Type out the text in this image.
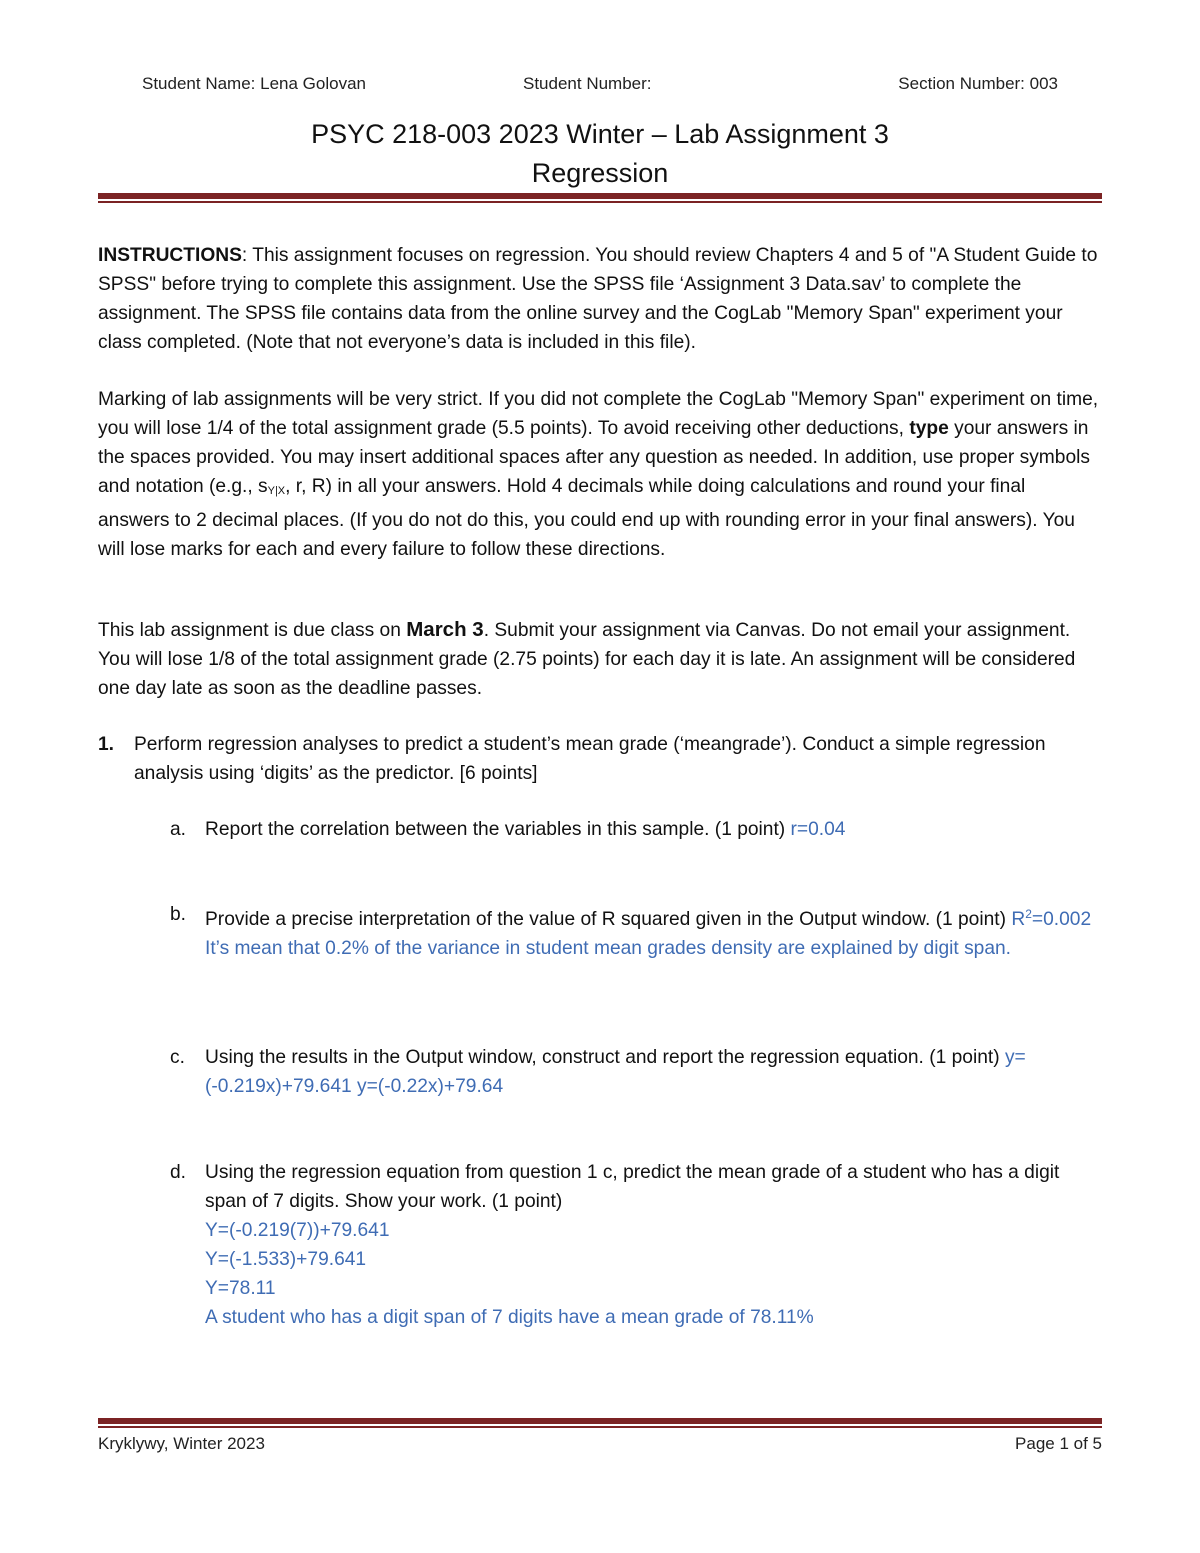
Student Name: Lena Golovan	Student Number:	Section Number: 003
PSYC 218-003 2023 Winter – Lab Assignment 3
Regression
INSTRUCTIONS: This assignment focuses on regression. You should review Chapters 4 and 5 of "A Student Guide to SPSS" before trying to complete this assignment. Use the SPSS file ‘Assignment 3 Data.sav’ to complete the assignment. The SPSS file contains data from the online survey and the CogLab "Memory Span" experiment your class completed. (Note that not everyone’s data is included in this file).
Marking of lab assignments will be very strict. If you did not complete the CogLab "Memory Span" experiment on time, you will lose 1/4 of the total assignment grade (5.5 points). To avoid receiving other deductions, type your answers in the spaces provided. You may insert additional spaces after any question as needed. In addition, use proper symbols and notation (e.g., sY|X, r, R) in all your answers. Hold 4 decimals while doing calculations and round your final answers to 2 decimal places. (If you do not do this, you could end up with rounding error in your final answers). You will lose marks for each and every failure to follow these directions.
This lab assignment is due class on March 3. Submit your assignment via Canvas. Do not email your assignment. You will lose 1/8 of the total assignment grade (2.75 points) for each day it is late. An assignment will be considered one day late as soon as the deadline passes.
1. Perform regression analyses to predict a student’s mean grade (‘meangrade’). Conduct a simple regression analysis using ‘digits’ as the predictor. [6 points]
a. Report the correlation between the variables in this sample. (1 point) r=0.04
b. Provide a precise interpretation of the value of R squared given in the Output window. (1 point) $R^2=0.002$
It’s mean that 0.2% of the variance in student mean grades density are explained by digit span.
c. Using the results in the Output window, construct and report the regression equation. (1 point) y=(-0.219x)+79.641 y=(-0.22x)+79.64
d. Using the regression equation from question 1 c, predict the mean grade of a student who has a digit span of 7 digits. Show your work. (1 point)
Y=(-0.219(7))+79.641
Y=(-1.533)+79.641
Y=78.11
A student who has a digit span of 7 digits have a mean grade of 78.11%
Kryklywy, Winter 2023	Page 1 of 5
